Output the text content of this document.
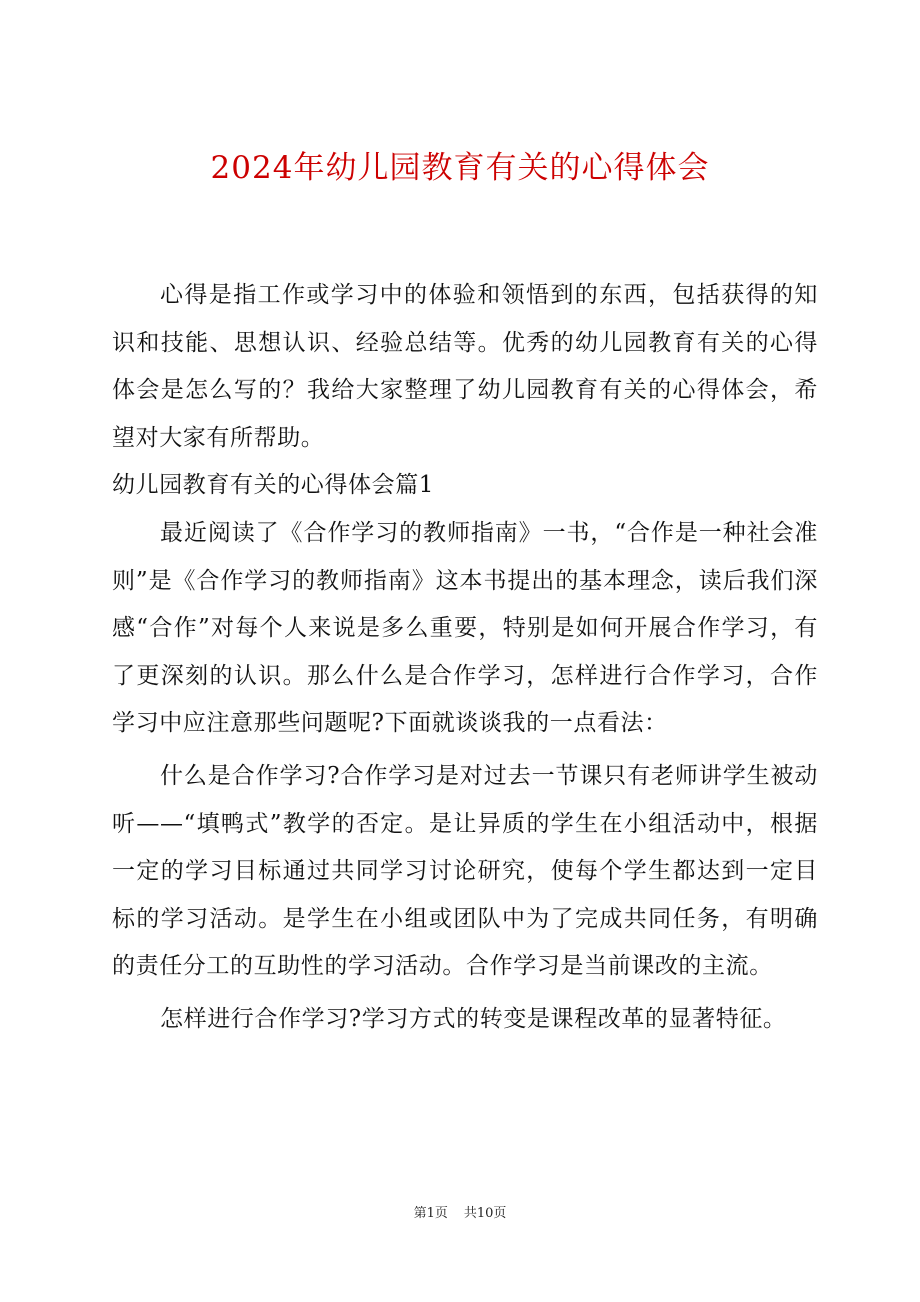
2024年幼儿园教育有关的心得体会

心得是指工作或学习中的体验和领悟到的东西，包括获得的知识和技能、思想认识、经验总结等。优秀的幼儿园教育有关的心得体会是怎么写的？我给大家整理了幼儿园教育有关的心得体会，希望对大家有所帮助。

幼儿园教育有关的心得体会篇1

最近阅读了《合作学习的教师指南》一书，“合作是一种社会准则”是《合作学习的教师指南》这本书提出的基本理念，读后我们深感“合作”对每个人来说是多么重要，特别是如何开展合作学习，有了更深刻的认识。那么什么是合作学习，怎样进行合作学习，合作学习中应注意那些问题呢?下面就谈谈我的一点看法：

什么是合作学习?合作学习是对过去一节课只有老师讲学生被动听——“填鸭式”教学的否定。是让异质的学生在小组活动中，根据一定的学习目标通过共同学习讨论研究，使每个学生都达到一定目标的学习活动。是学生在小组或团队中为了完成共同任务，有明确的责任分工的互助性的学习活动。合作学习是当前课改的主流。

怎样进行合作学习?学习方式的转变是课程改革的显著特征。

第1页 共10页
